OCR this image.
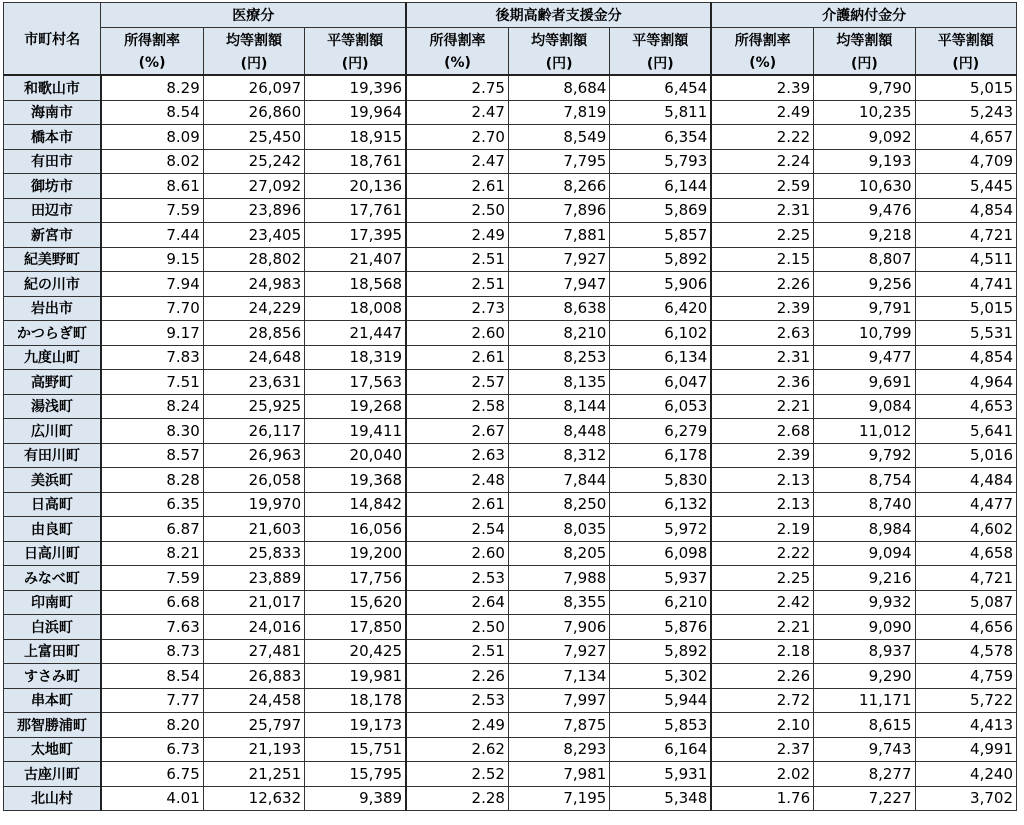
市町村名	医療分			後期高齢者支援金分			介護納付金分		
	所得割率	均等割額	平等割額	所得割率	均等割額	平等割額	所得割率	均等割額	平等割額
	(%)	(円)	(円)	(%)	(円)	(円)	(%)	(円)	(円)
和歌山市	8.29	26,097	19,396	2.75	8,684	6,454	2.39	9,790	5,015
海南市	8.54	26,860	19,964	2.47	7,819	5,811	2.49	10,235	5,243
橋本市	8.09	25,450	18,915	2.70	8,549	6,354	2.22	9,092	4,657
有田市	8.02	25,242	18,761	2.47	7,795	5,793	2.24	9,193	4,709
御坊市	8.61	27,092	20,136	2.61	8,266	6,144	2.59	10,630	5,445
田辺市	7.59	23,896	17,761	2.50	7,896	5,869	2.31	9,476	4,854
新宮市	7.44	23,405	17,395	2.49	7,881	5,857	2.25	9,218	4,721
紀美野町	9.15	28,802	21,407	2.51	7,927	5,892	2.15	8,807	4,511
紀の川市	7.94	24,983	18,568	2.51	7,947	5,906	2.26	9,256	4,741
岩出市	7.70	24,229	18,008	2.73	8,638	6,420	2.39	9,791	5,015
かつらぎ町	9.17	28,856	21,447	2.60	8,210	6,102	2.63	10,799	5,531
九度山町	7.83	24,648	18,319	2.61	8,253	6,134	2.31	9,477	4,854
高野町	7.51	23,631	17,563	2.57	8,135	6,047	2.36	9,691	4,964
湯浅町	8.24	25,925	19,268	2.58	8,144	6,053	2.21	9,084	4,653
広川町	8.30	26,117	19,411	2.67	8,448	6,279	2.68	11,012	5,641
有田川町	8.57	26,963	20,040	2.63	8,312	6,178	2.39	9,792	5,016
美浜町	8.28	26,058	19,368	2.48	7,844	5,830	2.13	8,754	4,484
日高町	6.35	19,970	14,842	2.61	8,250	6,132	2.13	8,740	4,477
由良町	6.87	21,603	16,056	2.54	8,035	5,972	2.19	8,984	4,602
日高川町	8.21	25,833	19,200	2.60	8,205	6,098	2.22	9,094	4,658
みなべ町	7.59	23,889	17,756	2.53	7,988	5,937	2.25	9,216	4,721
印南町	6.68	21,017	15,620	2.64	8,355	6,210	2.42	9,932	5,087
白浜町	7.63	24,016	17,850	2.50	7,906	5,876	2.21	9,090	4,656
上富田町	8.73	27,481	20,425	2.51	7,927	5,892	2.18	8,937	4,578
すさみ町	8.54	26,883	19,981	2.26	7,134	5,302	2.26	9,290	4,759
串本町	7.77	24,458	18,178	2.53	7,997	5,944	2.72	11,171	5,722
那智勝浦町	8.20	25,797	19,173	2.49	7,875	5,853	2.10	8,615	4,413
太地町	6.73	21,193	15,751	2.62	8,293	6,164	2.37	9,743	4,991
古座川町	6.75	21,251	15,795	2.52	7,981	5,931	2.02	8,277	4,240
北山村	4.01	12,632	9,389	2.28	7,195	5,348	1.76	7,227	3,702
